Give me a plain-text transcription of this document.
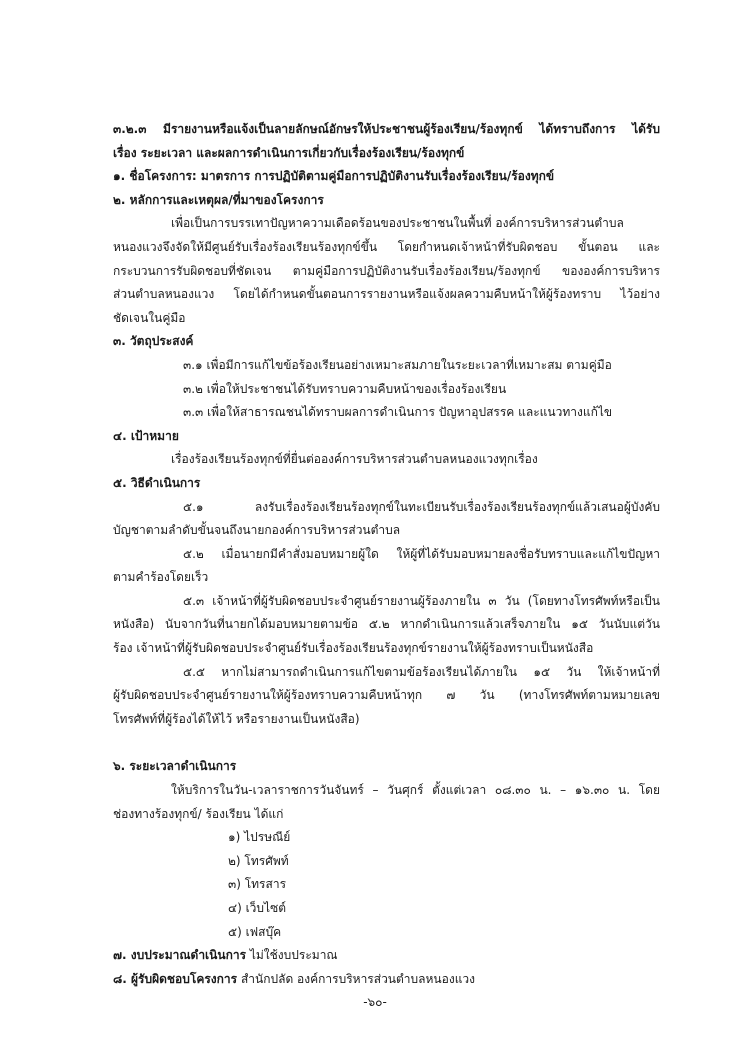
๓.๒.๓ มีรายงานหรือแจ้งเป็นลายลักษณ์อักษรให้ประชาชนผู้ร้องเรียน/ร้องทุกข์ ได้ทราบถึงการ ได้รับ
เรื่อง ระยะเวลา และผลการดำเนินการเกี่ยวกับเรื่องร้องเรียน/ร้องทุกข์
๑. ชื่อโครงการ: มาตรการ การปฏิบัติตามคู่มือการปฏิบัติงานรับเรื่องร้องเรียน/ร้องทุกข์
๒. หลักการและเหตุผล/ที่มาของโครงการ
เพื่อเป็นการบรรเทาปัญหาความเดือดร้อนของประชาชนในพื้นที่ องค์การบริหารส่วนตำบล
หนองแวงจึงจัดให้มีศูนย์รับเรื่องร้องเรียนร้องทุกข์ขึ้น โดยกำหนดเจ้าหน้าที่รับผิดชอบ ขั้นตอน และ
กระบวนการรับผิดชอบที่ชัดเจน ตามคู่มือการปฏิบัติงานรับเรื่องร้องเรียน/ร้องทุกข์ ขององค์การบริหาร
ส่วนตำบลหนองแวง โดยได้กำหนดขั้นตอนการรายงานหรือแจ้งผลความคืบหน้าให้ผู้ร้องทราบ ไว้อย่าง
ชัดเจนในคู่มือ
๓. วัตถุประสงค์
๓.๑ เพื่อมีการแก้ไขข้อร้องเรียนอย่างเหมาะสมภายในระยะเวลาที่เหมาะสม ตามคู่มือ
๓.๒ เพื่อให้ประชาชนได้รับทราบความคืบหน้าของเรื่องร้องเรียน
๓.๓ เพื่อให้สาธารณชนได้ทราบผลการดำเนินการ ปัญหาอุปสรรค และแนวทางแก้ไข
๔. เป้าหมาย
เรื่องร้องเรียนร้องทุกข์ที่ยื่นต่อองค์การบริหารส่วนตำบลหนองแวงทุกเรื่อง
๕. วิธีดำเนินการ
๕.๑ ลงรับเรื่องร้องเรียนร้องทุกข์ในทะเบียนรับเรื่องร้องเรียนร้องทุกข์แล้วเสนอผู้บังคับ
บัญชาตามลำดับขั้นจนถึงนายกองค์การบริหารส่วนตำบล
๕.๒ เมื่อนายกมีคำสั่งมอบหมายผู้ใด ให้ผู้ที่ได้รับมอบหมายลงชื่อรับทราบและแก้ไขปัญหา
ตามคำร้องโดยเร็ว
๕.๓ เจ้าหน้าที่ผู้รับผิดชอบประจำศูนย์รายงานผู้ร้องภายใน ๓ วัน (โดยทางโทรศัพท์หรือเป็น
หนังสือ) นับจากวันที่นายกได้มอบหมายตามข้อ ๕.๒ หากดำเนินการแล้วเสร็จภายใน ๑๕ วันนับแต่วัน
ร้อง เจ้าหน้าที่ผู้รับผิดชอบประจำศูนย์รับเรื่องร้องเรียนร้องทุกข์รายงานให้ผู้ร้องทราบเป็นหนังสือ
๕.๕ หากไม่สามารถดำเนินการแก้ไขตามข้อร้องเรียนได้ภายใน ๑๕ วัน ให้เจ้าหน้าที่
ผู้รับผิดชอบประจำศูนย์รายงานให้ผู้ร้องทราบความคืบหน้าทุก ๗ วัน (ทางโทรศัพท์ตามหมายเลข
โทรศัพท์ที่ผู้ร้องได้ให้ไว้ หรือรายงานเป็นหนังสือ)
๖. ระยะเวลาดำเนินการ
ให้บริการในวัน-เวลาราชการวันจันทร์ – วันศุกร์ ตั้งแต่เวลา ๐๘.๓๐ น. – ๑๖.๓๐ น. โดย
ช่องทางร้องทุกข์/ ร้องเรียน ได้แก่
๑) ไปรษณีย์
๒) โทรศัพท์
๓) โทรสาร
๔) เว็บไซต์
๕) เฟสบุ๊ค
๗. งบประมาณดำเนินการ ไม่ใช้งบประมาณ
๘. ผู้รับผิดชอบโครงการ สำนักปลัด องค์การบริหารส่วนตำบลหนองแวง
-๖๐-
